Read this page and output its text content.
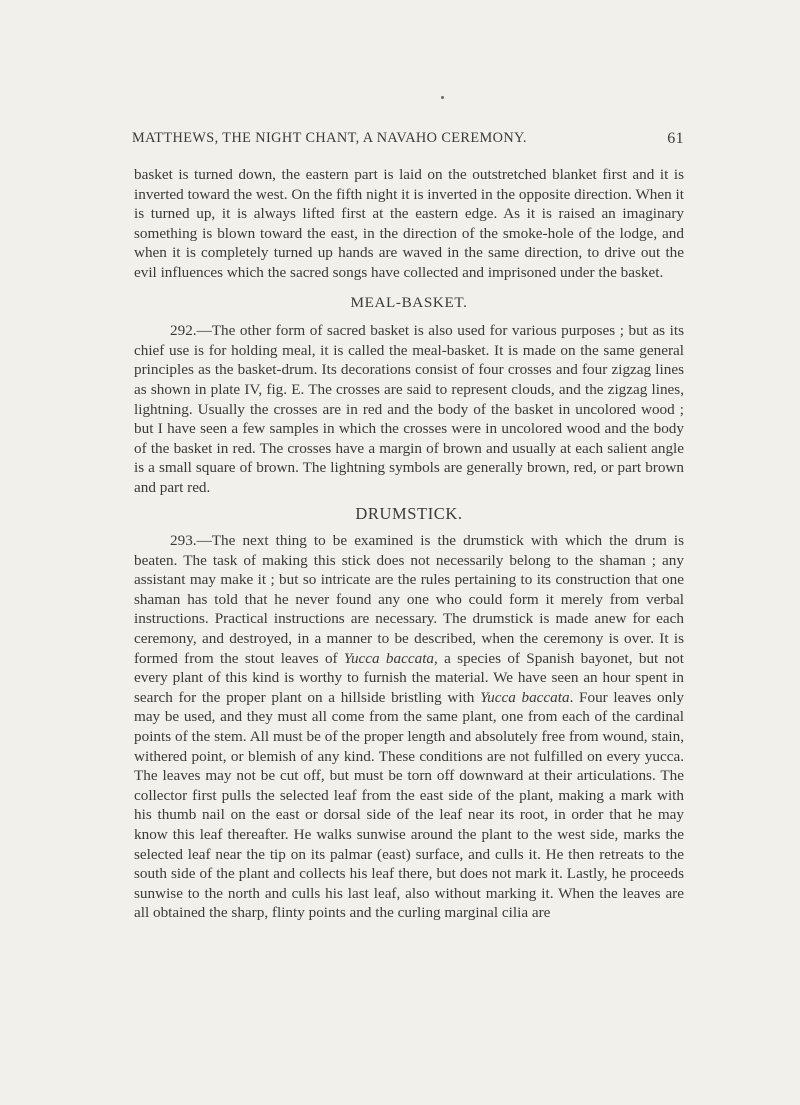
MATTHEWS, THE NIGHT CHANT, A NAVAHO CEREMONY.	61

basket is turned down, the eastern part is laid on the outstretched blanket first and it is inverted toward the west. On the fifth night it is inverted in the opposite direction. When it is turned up, it is always lifted first at the eastern edge. As it is raised an imaginary something is blown toward the east, in the direction of the smoke-hole of the lodge, and when it is completely turned up hands are waved in the same direction, to drive out the evil influences which the sacred songs have collected and imprisoned under the basket.

MEAL-BASKET.

292.—The other form of sacred basket is also used for various purposes ; but as its chief use is for holding meal, it is called the meal-basket. It is made on the same general principles as the basket-drum. Its decorations consist of four crosses and four zigzag lines as shown in plate IV, fig. E. The crosses are said to represent clouds, and the zigzag lines, lightning. Usually the crosses are in red and the body of the basket in uncolored wood ; but I have seen a few samples in which the crosses were in uncolored wood and the body of the basket in red. The crosses have a margin of brown and usually at each salient angle is a small square of brown. The lightning symbols are generally brown, red, or part brown and part red.

DRUMSTICK.

293.—The next thing to be examined is the drumstick with which the drum is beaten. The task of making this stick does not necessarily belong to the shaman ; any assistant may make it ; but so intricate are the rules pertaining to its construction that one shaman has told that he never found any one who could form it merely from verbal instructions. Practical instructions are necessary. The drumstick is made anew for each ceremony, and destroyed, in a manner to be described, when the ceremony is over. It is formed from the stout leaves of Yucca baccata, a species of Spanish bayonet, but not every plant of this kind is worthy to furnish the material. We have seen an hour spent in search for the proper plant on a hillside bristling with Yucca baccata. Four leaves only may be used, and they must all come from the same plant, one from each of the cardinal points of the stem. All must be of the proper length and absolutely free from wound, stain, withered point, or blemish of any kind. These conditions are not fulfilled on every yucca. The leaves may not be cut off, but must be torn off downward at their articulations. The collector first pulls the selected leaf from the east side of the plant, making a mark with his thumb nail on the east or dorsal side of the leaf near its root, in order that he may know this leaf thereafter. He walks sunwise around the plant to the west side, marks the selected leaf near the tip on its palmar (east) surface, and culls it. He then retreats to the south side of the plant and collects his leaf there, but does not mark it. Lastly, he proceeds sunwise to the north and culls his last leaf, also without marking it. When the leaves are all obtained the sharp, flinty points and the curling marginal cilia are
